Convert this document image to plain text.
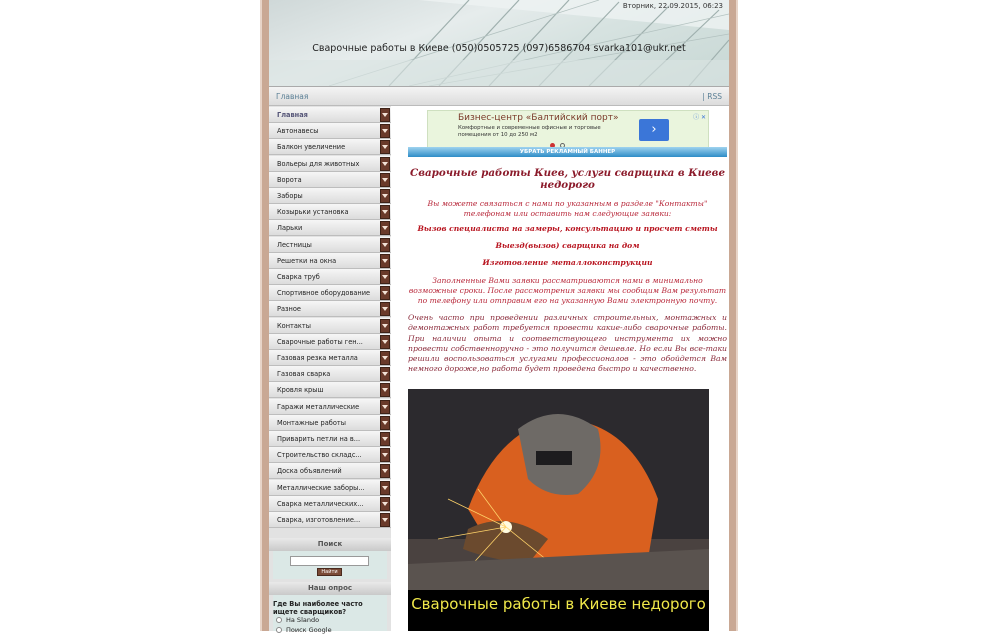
Вторник, 22.09.2015, 06:23
Сварочные работы в Киеве (050)0505725 (097)6586704 svarka101@ukr.net
Главная	| RSS
Главная
Автонавесы
Балкон увеличение
Вольеры для животных
Ворота
Заборы
Козырьки установка
Ларьки
Лестницы
Решетки на окна
Сварка труб
Спортивное оборудование
Разное
Контакты
Сварочные работы ген...
Газовая резка металла
Газовая сварка
Кровля крыш
Гаражи металлические
Монтажные работы
Приварить петли на в...
Строительство складс...
Доска объявлений
Металлические заборы...
Сварка металлических...
Сварка, изготовление...
Поиск
Наш опрос
Найти
Где Вы наиболее часто ищете сварщиков?
На Slando
Поиск Google
Бизнес-центр «Балтийский порт»
Комфортные и современные офисные и торговые помещения от 10 до 250 м2	›
ⓘ ✕
УБРАТЬ РЕКЛАМНЫЙ БАННЕР
Сварочные работы Киев, услуги сварщика в Киеве недорого
Вы можете связаться с нами по указанным в разделе "Контакты" телефонам или оставить нам следующие заявки:
Вызов специалиста на замеры, консультацию и просчет сметы
Выезд(вызов) сварщика на дом
Изготовление металлоконструкции
Заполненные Вами заявки рассматриваются нами в минимально возможные сроки. После рассмотрения заявки мы сообщим Вам результат по телефону или отправим его на указанную Вами электронную почту.
Очень часто при проведении различных строительных, монтажных и демонтажных работ требуется провести какие-либо сварочные работы. При наличии опыта и соответствующего инструмента их можно провести собственноручно - это получится дешевле. Но если Вы все-таки решили воспользоваться услугами профессионалов - это обойдется Вам немного дороже,но работа будет проведена быстро и качественно.
Сварочные работы в Киеве недорого
